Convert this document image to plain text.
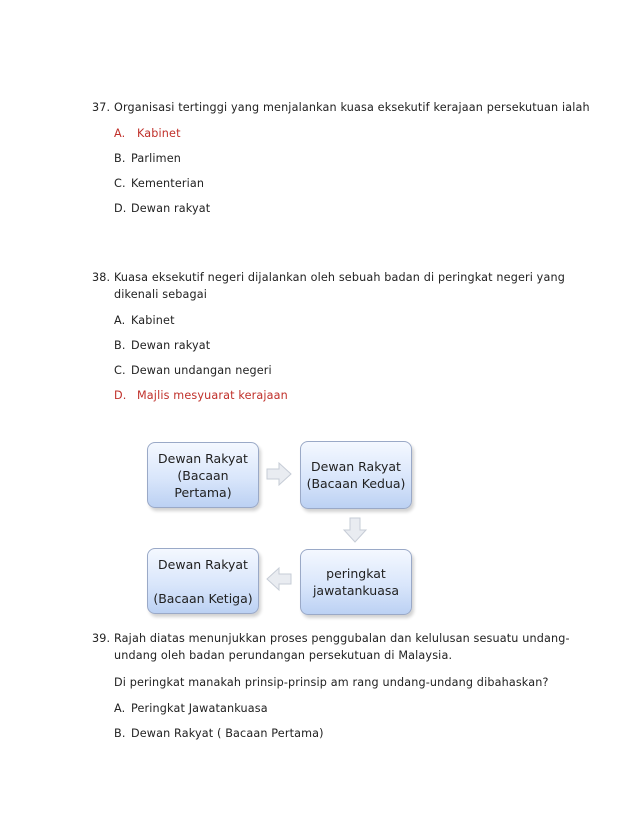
37. Organisasi tertinggi yang menjalankan kuasa eksekutif kerajaan persekutuan ialah
A.	Kabinet
B. Parlimen
C. Kementerian
D. Dewan rakyat
38. Kuasa eksekutif negeri dijalankan oleh sebuah badan di peringkat negeri yang dikenali sebagai
A. Kabinet
B. Dewan rakyat
C. Dewan undangan negeri
D. Majlis mesyuarat kerajaan
Dewan Rakyat
(Bacaan
Pertama)
Dewan Rakyat
(Bacaan Kedua)
peringkat
jawatankuasa
Dewan Rakyat

(Bacaan Ketiga)
39. Rajah diatas menunjukkan proses penggubalan dan kelulusan sesuatu undang-undang oleh badan perundangan persekutuan di Malaysia.
Di peringkat manakah prinsip-prinsip am rang undang-undang dibahaskan?
A. Peringkat Jawatankuasa
B. Dewan Rakyat ( Bacaan Pertama)
